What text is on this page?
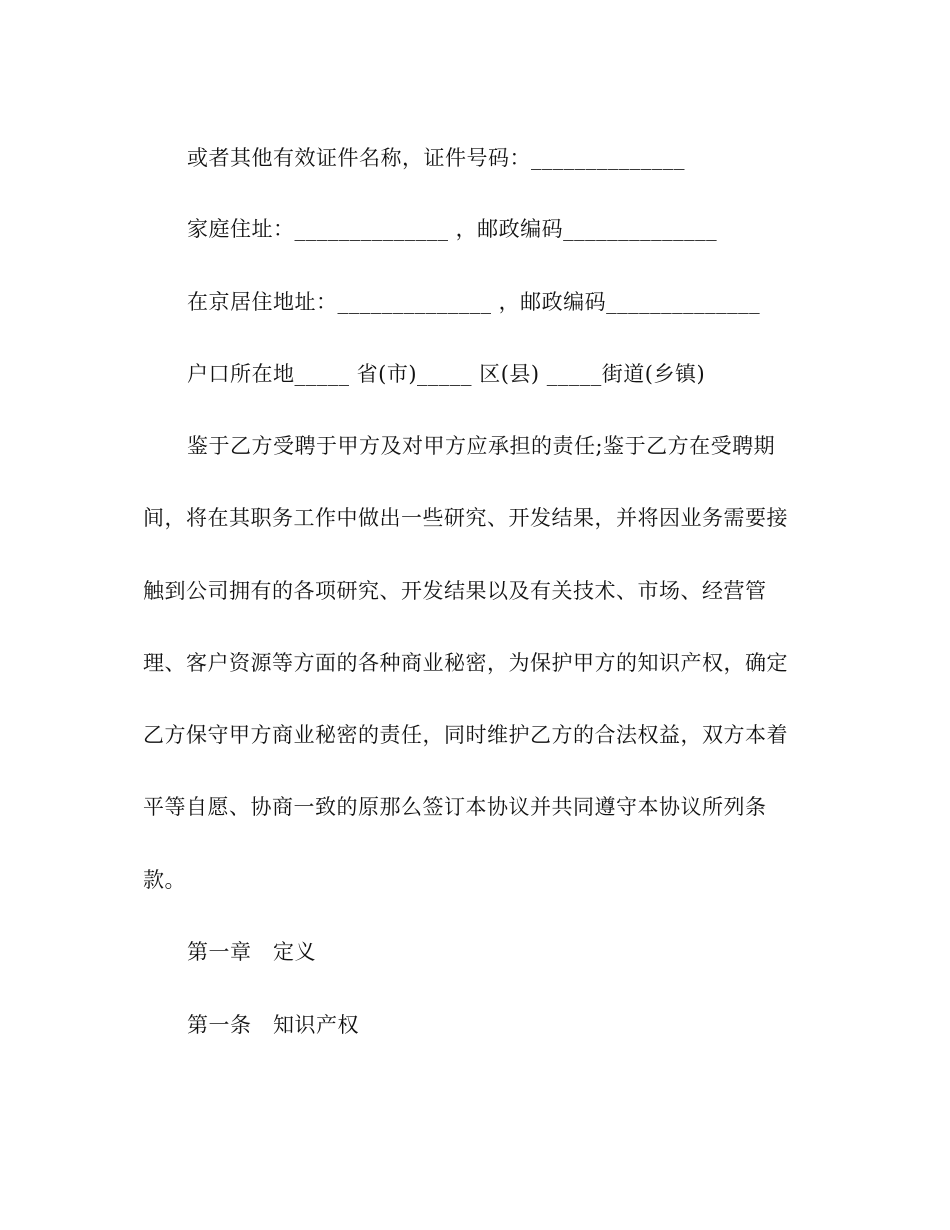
或者其他有效证件名称，证件号码：______________
家庭住址：______________ ，邮政编码______________
在京居住地址：______________ ，邮政编码______________
户口所在地_____ 省(市)_____ 区(县) _____街道(乡镇)
鉴于乙方受聘于甲方及对甲方应承担的责任;鉴于乙方在受聘期
间，将在其职务工作中做出一些研究、开发结果，并将因业务需要接
触到公司拥有的各项研究、开发结果以及有关技术、市场、经营管
理、客户资源等方面的各种商业秘密，为保护甲方的知识产权，确定
乙方保守甲方商业秘密的责任，同时维护乙方的合法权益，双方本着
平等自愿、协商一致的原那么签订本协议并共同遵守本协议所列条
款。
第一章　定义
第一条　知识产权
